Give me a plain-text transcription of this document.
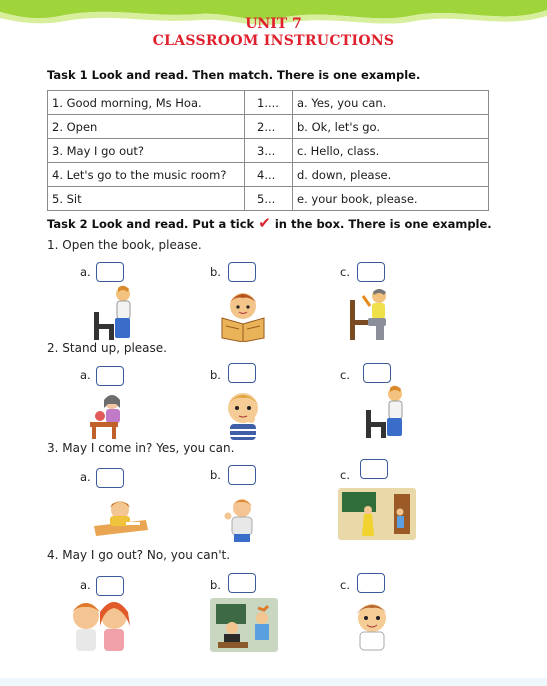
UNIT 7
CLASSROOM INSTRUCTIONS
Task 1 Look and read. Then match. There is one example.
1. Good morning, Ms Hoa.	1....	a. Yes, you can.
2. Open	2...	b. Ok, let's go.
3. May I go out?	3...	c. Hello, class.
4. Let's go to the music room?	4...	d. down, please.
5. Sit	5...	e. your book, please.
Task 2 Look and read. Put a tick ✔ in the box. There is one example.
1. Open the book, please.
a.	b.	c.
2. Stand up, please.
a.	b.	c.
3. May I come in? Yes, you can.
a.	b.	c.
4. May I go out? No, you can't.
a.	b.	c.
